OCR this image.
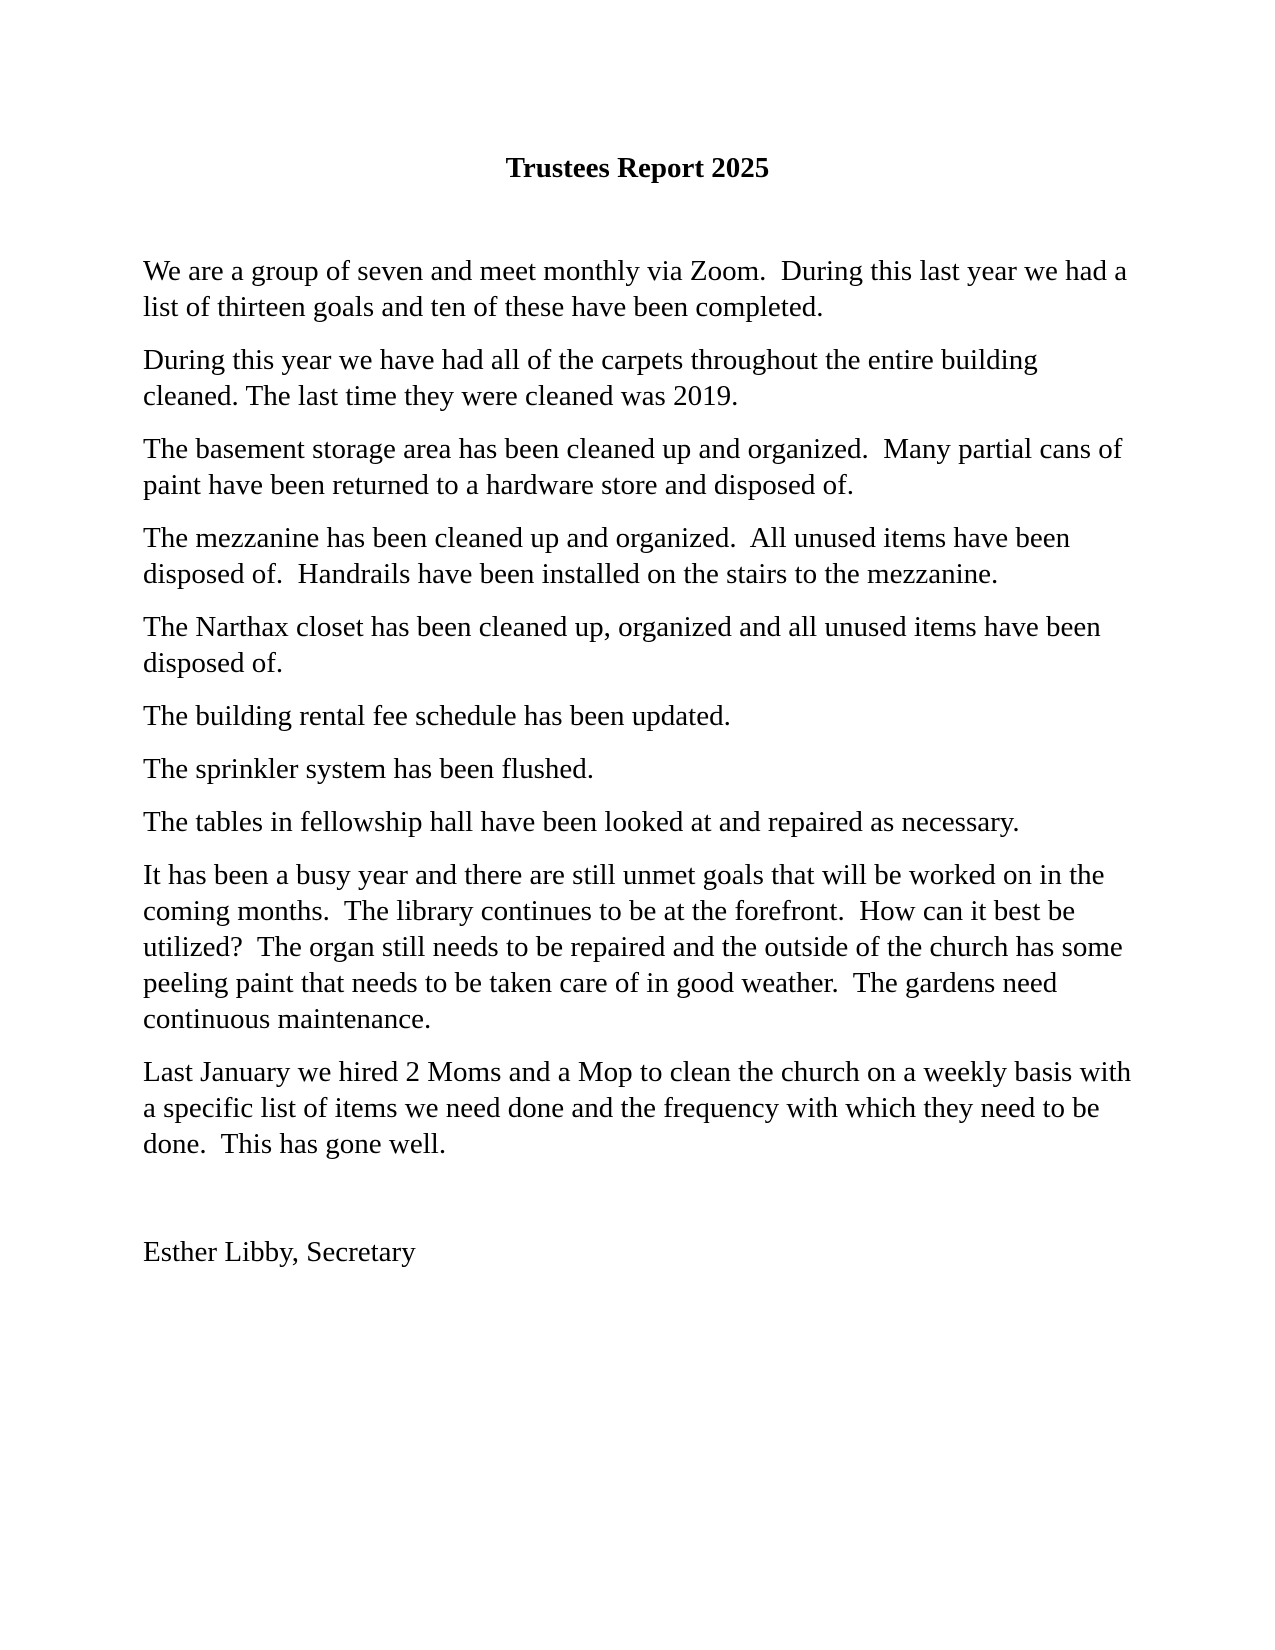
Trustees Report 2025

We are a group of seven and meet monthly via Zoom.  During this last year we had a list of thirteen goals and ten of these have been completed.

During this year we have had all of the carpets throughout the entire building cleaned. The last time they were cleaned was 2019.

The basement storage area has been cleaned up and organized.  Many partial cans of paint have been returned to a hardware store and disposed of.

The mezzanine has been cleaned up and organized.  All unused items have been disposed of.  Handrails have been installed on the stairs to the mezzanine.

The Narthax closet has been cleaned up, organized and all unused items have been disposed of.

The building rental fee schedule has been updated.

The sprinkler system has been flushed.

The tables in fellowship hall have been looked at and repaired as necessary.

It has been a busy year and there are still unmet goals that will be worked on in the coming months.  The library continues to be at the forefront.  How can it best be utilized?  The organ still needs to be repaired and the outside of the church has some peeling paint that needs to be taken care of in good weather.  The gardens need continuous maintenance.

Last January we hired 2 Moms and a Mop to clean the church on a weekly basis with a specific list of items we need done and the frequency with which they need to be done.  This has gone well.

Esther Libby, Secretary
